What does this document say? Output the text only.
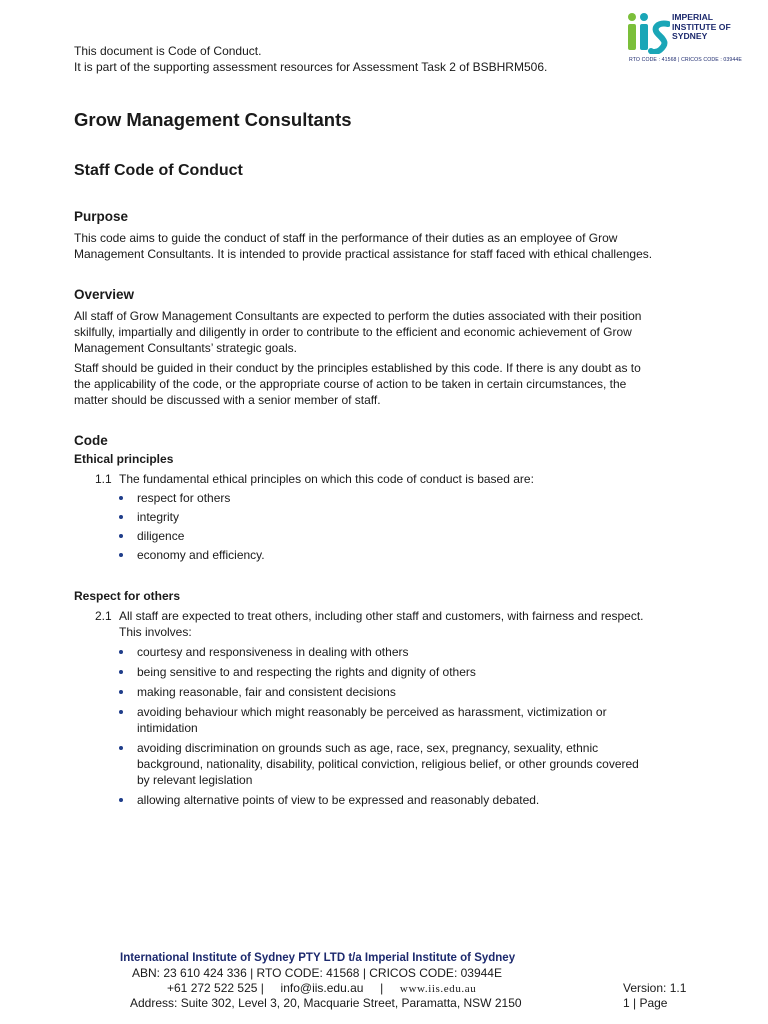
This document is Code of Conduct.
It is part of the supporting assessment resources for Assessment Task 2 of BSBHRM506.
IMPERIAL
INSTITUTE OF
SYDNEY
RTO CODE : 41568 | CRICOS CODE : 03944E
Grow Management Consultants
Staff Code of Conduct
Purpose

This code aims to guide the conduct of staff in the performance of their duties as an employee of Grow
Management Consultants. It is intended to provide practical assistance for staff faced with ethical challenges.

Overview

All staff of Grow Management Consultants are expected to perform the duties associated with their position
skilfully, impartially and diligently in order to contribute to the efficient and economic achievement of Grow
Management Consultants’ strategic goals.

Staff should be guided in their conduct by the principles established by this code. If there is any doubt as to
the applicability of the code, or the appropriate course of action to be taken in certain circumstances, the
matter should be discussed with a senior member of staff.

Code
Ethical principles
1.1 The fundamental ethical principles on which this code of conduct is based are:
respect for others
integrity
diligence
economy and efficiency.
Respect for others
2.1 All staff are expected to treat others, including other staff and customers, with fairness and respect.
This involves:
courtesy and responsiveness in dealing with others
being sensitive to and respecting the rights and dignity of others
making reasonable, fair and consistent decisions
avoiding behaviour which might reasonably be perceived as harassment, victimization or
intimidation
avoiding discrimination on grounds such as age, race, sex, pregnancy, sexuality, ethnic
background, nationality, disability, political conviction, religious belief, or other grounds covered
by relevant legislation
allowing alternative points of view to be expressed and reasonably debated.
International Institute of Sydney PTY LTD t/a Imperial Institute of Sydney
ABN: 23 610 424 336 | RTO CODE: 41568 | CRICOS CODE: 03944E
+61 272 522 525 | info@iis.edu.au | www.iis.edu.au
Address: Suite 302, Level 3, 20, Macquarie Street, Paramatta, NSW 2150
Version: 1.1
1 | Page
